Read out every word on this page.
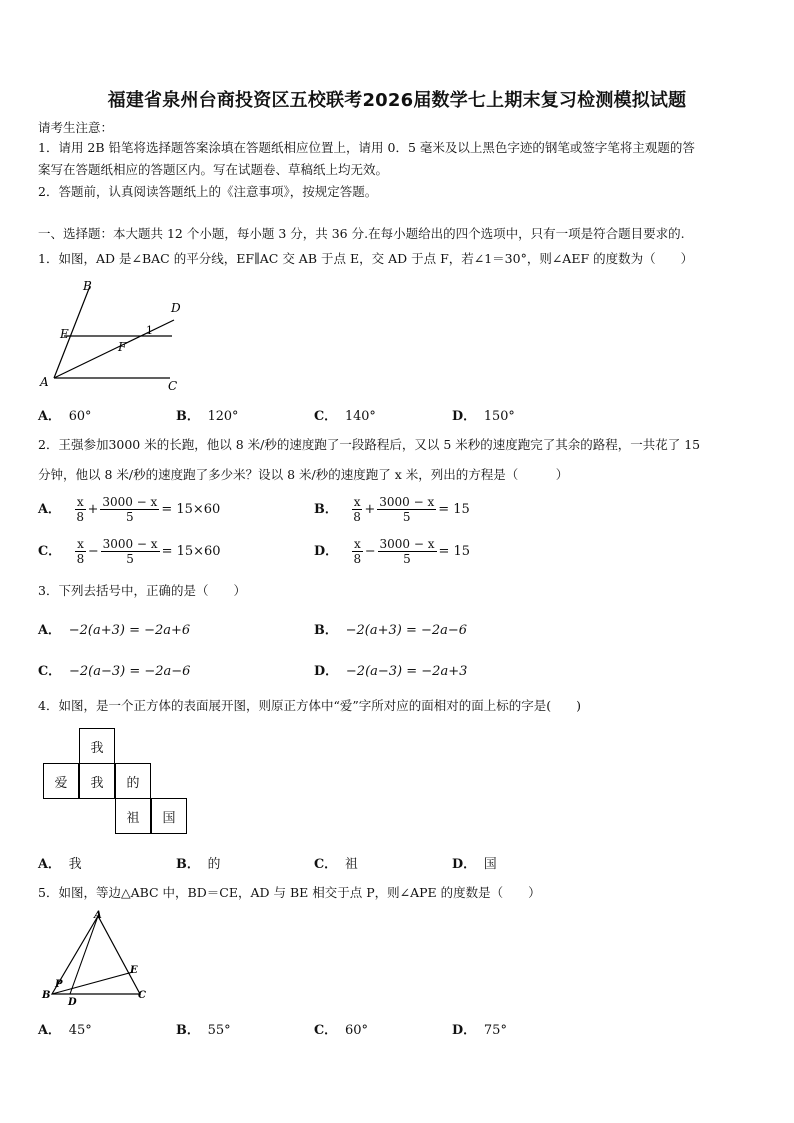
福建省泉州台商投资区五校联考2026届数学七上期末复习检测模拟试题
请考生注意：
1．请用 2B 铅笔将选择题答案涂填在答题纸相应位置上，请用 0．5 毫米及以上黑色字迹的钢笔或签字笔将主观题的答
案写在答题纸相应的答题区内。写在试题卷、草稿纸上均无效。
2．答题前，认真阅读答题纸上的《注意事项》，按规定答题。
一、选择题：本大题共 12 个小题，每小题 3 分，共 36 分.在每小题给出的四个选项中，只有一项是符合题目要求的.
1．如图，AD 是∠BAC 的平分线，EF∥AC 交 AB 于点 E，交 AD 于点 F，若∠1＝30°，则∠AEF 的度数为（　　）
B
D
E
F
1
A	C
A． 60°	B． 120°	C． 140°	D． 150°
2．王强参加3000 米的长跑，他以 8 米/秒的速度跑了一段路程后，又以 5 米秒的速度跑完了其余的路程，一共花了 15
分钟，他以 8 米/秒的速度跑了多少米？设以 8 米/秒的速度跑了 x 米，列出的方程是（　　　）
A． $\frac{x}{8} + \frac{3000 - x}{5} = 15\times 60$	B． $\frac{x}{8} + \frac{3000 - x}{5} = 15$
C． $\frac{x}{8} - \frac{3000 - x}{5} = 15\times 60$	D． $\frac{x}{8} - \frac{3000 - x}{5} = 15$
3．下列去括号中，正确的是（　　）
A． −2(a+3) = −2a+6	B． −2(a+3) = −2a−6
C． −2(a−3) = −2a−6	D． −2(a−3) = −2a+3
4．如图，是一个正方体的表面展开图，则原正方体中“爱”字所对应的面相对的面上标的字是(　　)
我
爱	我	的
祖	国
A． 我	B． 的	C． 祖	D． 国
5．如图，等边△ABC 中，BD＝CE，AD 与 BE 相交于点 P，则∠APE 的度数是（　　）
A
B	C
D
E
P
A． 45°	B． 55°	C． 60°	D． 75°
